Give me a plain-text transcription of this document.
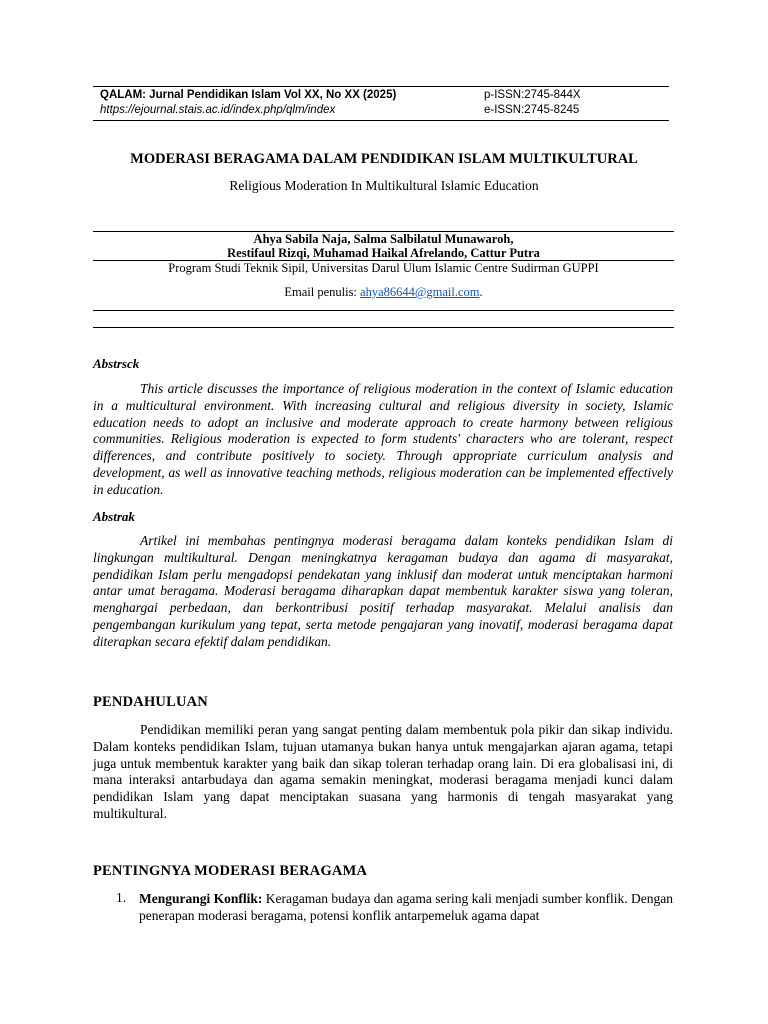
QALAM: Jurnal Pendidikan Islam Vol XX, No XX (2025)
https://ejournal.stais.ac.id/index.php/qlm/index
p-ISSN:2745-844X
e-ISSN:2745-8245
MODERASI BERAGAMA DALAM PENDIDIKAN ISLAM MULTIKULTURAL
Religious Moderation In Multikultural Islamic Education
Ahya Sabila Naja, Salma Salbilatul Munawaroh,
Restifaul Rizqi, Muhamad Haikal Afrelando, Cattur Putra
Program Studi Teknik Sipil, Universitas Darul Ulum Islamic Centre Sudirman GUPPI
Email penulis: ahya86644@gmail.com.
Abstrsck

This article discusses the importance of religious moderation in the context of Islamic education in a multicultural environment. With increasing cultural and religious diversity in society, Islamic education needs to adopt an inclusive and moderate approach to create harmony between religious communities. Religious moderation is expected to form students' characters who are tolerant, respect differences, and contribute positively to society. Through appropriate curriculum analysis and development, as well as innovative teaching methods, religious moderation can be implemented effectively in education.

Abstrak

Artikel ini membahas pentingnya moderasi beragama dalam konteks pendidikan Islam di lingkungan multikultural. Dengan meningkatnya keragaman budaya dan agama di masyarakat, pendidikan Islam perlu mengadopsi pendekatan yang inklusif dan moderat untuk menciptakan harmoni antar umat beragama. Moderasi beragama diharapkan dapat membentuk karakter siswa yang toleran, menghargai perbedaan, dan berkontribusi positif terhadap masyarakat. Melalui analisis dan pengembangan kurikulum yang tepat, serta metode pengajaran yang inovatif, moderasi beragama dapat diterapkan secara efektif dalam pendidikan.

PENDAHULUAN

Pendidikan memiliki peran yang sangat penting dalam membentuk pola pikir dan sikap individu. Dalam konteks pendidikan Islam, tujuan utamanya bukan hanya untuk mengajarkan ajaran agama, tetapi juga untuk membentuk karakter yang baik dan sikap toleran terhadap orang lain. Di era globalisasi ini, di mana interaksi antarbudaya dan agama semakin meningkat, moderasi beragama menjadi kunci dalam pendidikan Islam yang dapat menciptakan suasana yang harmonis di tengah masyarakat yang multikultural.

PENTINGNYA MODERASI BERAGAMA
1. Mengurangi Konflik: Keragaman budaya dan agama sering kali menjadi sumber konflik. Dengan penerapan moderasi beragama, potensi konflik antarpemeluk agama dapat
